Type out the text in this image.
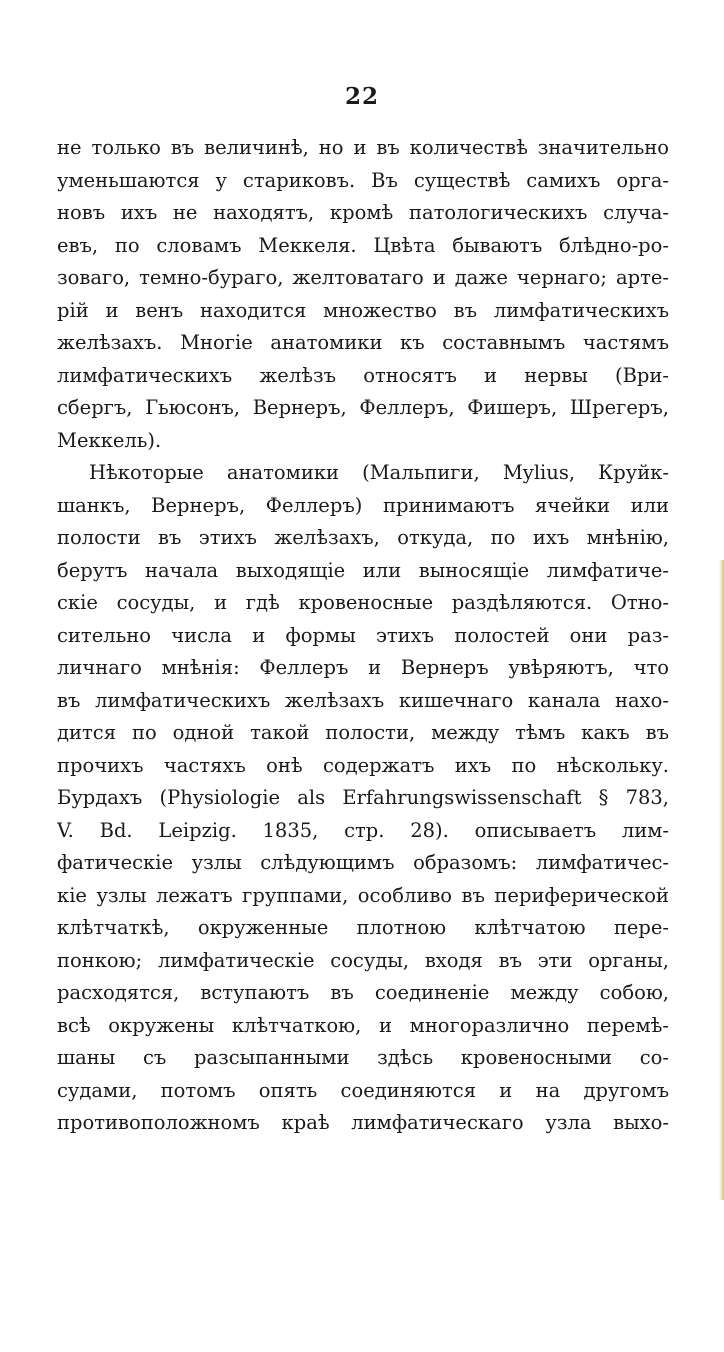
22
не только въ величинѣ, но и въ количествѣ значительно
уменьшаются у стариковъ. Въ существѣ самихъ орга-
новъ ихъ не находятъ, кромѣ патологическихъ случа-
евъ, по словамъ Меккеля. Цвѣта бываютъ блѣдно-ро-
зоваго, темно-бураго, желтоватаго и даже чернаго; арте-
рій и венъ находится множество въ лимфатическихъ
желѣзахъ. Многіе анатомики къ составнымъ частямъ
лимфатическихъ желѣзъ относятъ и нервы (Ври-
сбергъ, Гьюсонъ, Вернеръ, Феллеръ, Фишеръ, Шрегеръ,
Меккель).
Нѣкоторые анатомики (Мальпиги, Mylius, Круйк-
шанкъ, Вернеръ, Феллеръ) принимаютъ ячейки или
полости въ этихъ желѣзахъ, откуда, по ихъ мнѣнію,
берутъ начала выходящіе или выносящіе лимфатиче-
скіе сосуды, и гдѣ кровеносные раздѣляются. Отно-
сительно числа и формы этихъ полостей они раз-
личнаго мнѣнія: Феллеръ и Вернеръ увѣряютъ, что
въ лимфатическихъ желѣзахъ кишечнаго канала нахо-
дится по одной такой полости, между тѣмъ какъ въ
прочихъ частяхъ онѣ содержатъ ихъ по нѣскольку.
Бурдахъ (Physiologie als Erfahrungswissenschaft § 783,
V. Bd. Leipzig. 1835, стр. 28). описываетъ лим-
фатическіе узлы слѣдующимъ образомъ: лимфатичес-
кіе узлы лежатъ группами, особливо въ периферической
клѣтчаткѣ, окруженные плотною клѣтчатою пере-
понкою; лимфатическіе сосуды, входя въ эти органы,
расходятся, вступаютъ въ соединеніе между собою,
всѣ окружены клѣтчаткою, и многоразлично перемѣ-
шаны съ разсыпанными здѣсь кровеносными со-
судами, потомъ опять соединяются и на другомъ
противоположномъ краѣ лимфатическаго узла выхо-
